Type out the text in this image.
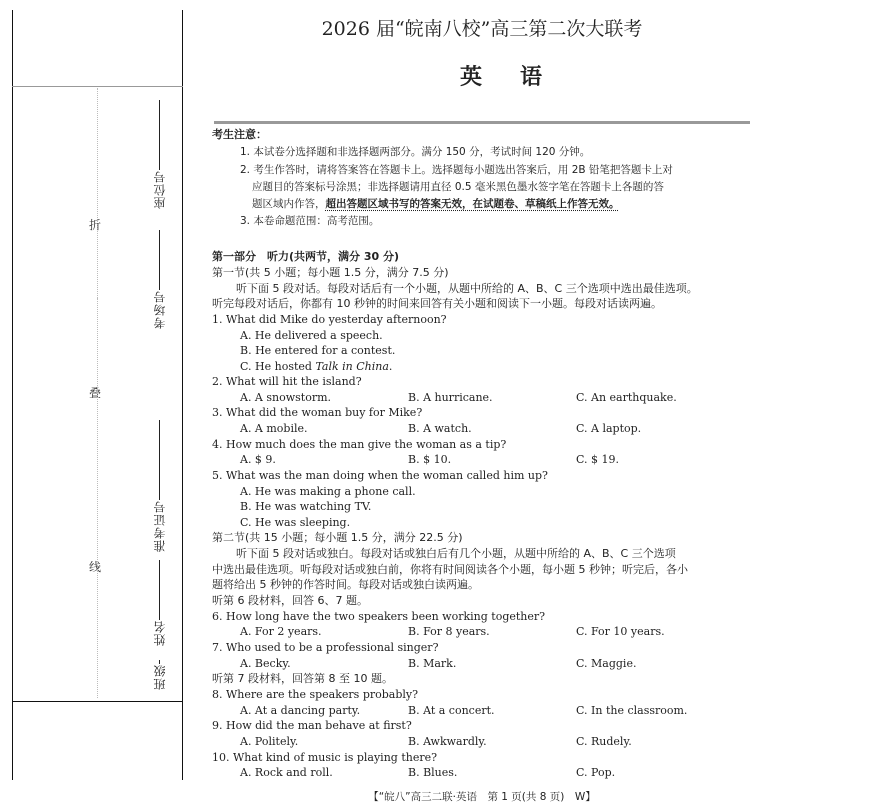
折
叠
线
座位号
考场号
准考证号
姓名
班级
2026 届“皖南八校”高三第二次大联考
英语
考生注意：
1. 本试卷分选择题和非选择题两部分。满分 150 分，考试时间 120 分钟。
2. 考生作答时，请将答案答在答题卡上。选择题每小题选出答案后，用 2B 铅笔把答题卡上对
应题目的答案标号涂黑；非选择题请用直径 0.5 毫米黑色墨水签字笔在答题卡上各题的答
题区域内作答，超出答题区域书写的答案无效，在试题卷、草稿纸上作答无效。
3. 本卷命题范围：高考范围。
第一部分　听力(共两节，满分 30 分)
第一节(共 5 小题；每小题 1.5 分，满分 7.5 分)
听下面 5 段对话。每段对话后有一个小题，从题中所给的 A、B、C 三个选项中选出最佳选项。
听完每段对话后，你都有 10 秒钟的时间来回答有关小题和阅读下一小题。每段对话读两遍。
1. What did Mike do yesterday afternoon?
A. He delivered a speech.
B. He entered for a contest.
C. He hosted Talk in China.
2. What will hit the island?
A. A snowstorm.	B. A hurricane.	C. An earthquake.
3. What did the woman buy for Mike?
A. A mobile.	B. A watch.	C. A laptop.
4. How much does the man give the woman as a tip?
A. $ 9.	B. $ 10.	C. $ 19.
5. What was the man doing when the woman called him up?
A. He was making a phone call.
B. He was watching TV.
C. He was sleeping.
第二节(共 15 小题；每小题 1.5 分，满分 22.5 分)
听下面 5 段对话或独白。每段对话或独白后有几个小题，从题中所给的 A、B、C 三个选项
中选出最佳选项。听每段对话或独白前，你将有时间阅读各个小题，每小题 5 秒钟；听完后，各小
题将给出 5 秒钟的作答时间。每段对话或独白读两遍。
听第 6 段材料，回答 6、7 题。
6. How long have the two speakers been working together?
A. For 2 years.	B. For 8 years.	C. For 10 years.
7. Who used to be a professional singer?
A. Becky.	B. Mark.	C. Maggie.
听第 7 段材料，回答第 8 至 10 题。
8. Where are the speakers probably?
A. At a dancing party.	B. At a concert.	C. In the classroom.
9. How did the man behave at first?
A. Politely.	B. Awkwardly.	C. Rudely.
10. What kind of music is playing there?
A. Rock and roll.	B. Blues.	C. Pop.
【“皖八”高三二联·英语　第 1 页(共 8 页)　W】
